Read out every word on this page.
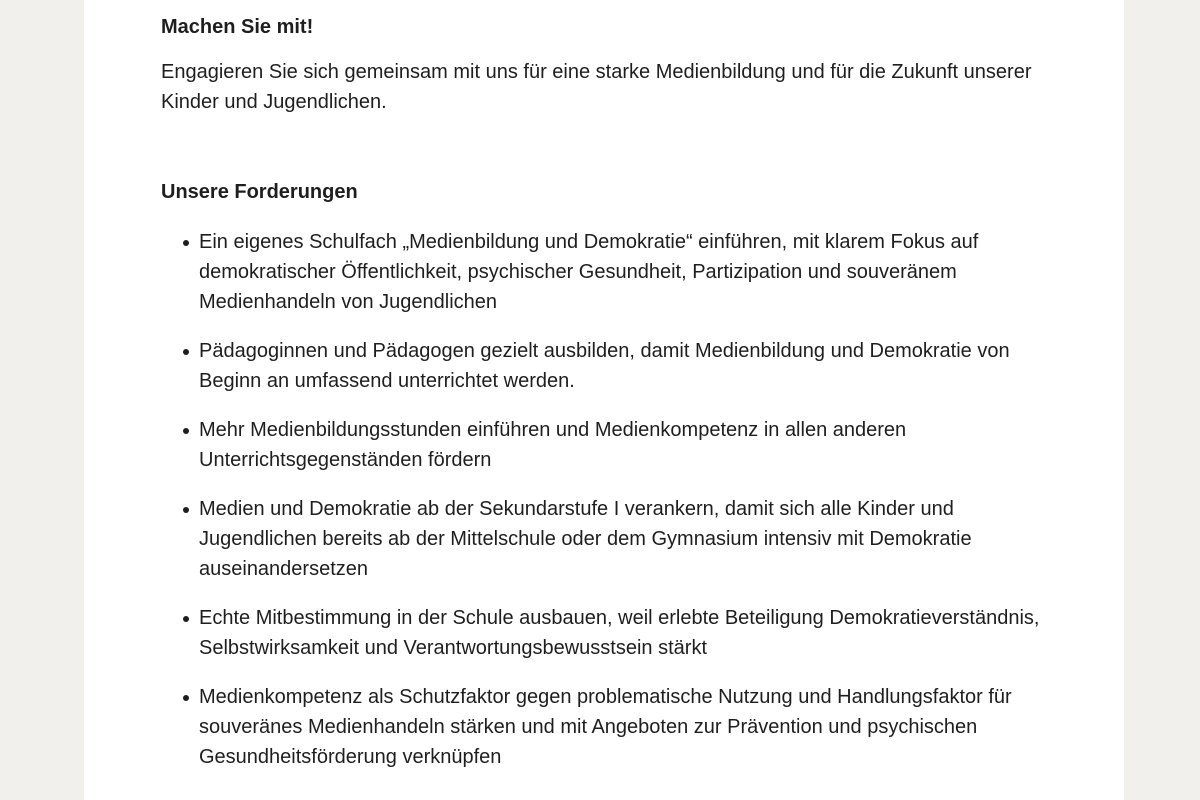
Machen Sie mit!

Engagieren Sie sich gemeinsam mit uns für eine starke Medienbildung und für die Zukunft unserer Kinder und Jugendlichen.

Unsere Forderungen
Ein eigenes Schulfach „Medienbildung und Demokratie“ einführen, mit klarem Fokus auf demokratischer Öffentlichkeit, psychischer Gesundheit, Partizipation und souveränem Medienhandeln von Jugendlichen
Pädagoginnen und Pädagogen gezielt ausbilden, damit Medienbildung und Demokratie von Beginn an umfassend unterrichtet werden.
Mehr Medienbildungsstunden einführen und Medienkompetenz in allen anderen Unterrichtsgegenständen fördern
Medien und Demokratie ab der Sekundarstufe I verankern, damit sich alle Kinder und Jugendlichen bereits ab der Mittelschule oder dem Gymnasium intensiv mit Demokratie auseinandersetzen
Echte Mitbestimmung in der Schule ausbauen, weil erlebte Beteiligung Demokratieverständnis, Selbstwirksamkeit und Verantwortungsbewusstsein stärkt
Medienkompetenz als Schutzfaktor gegen problematische Nutzung und Handlungsfaktor für souveränes Medienhandeln stärken und mit Angeboten zur Prävention und psychischen Gesundheitsförderung verknüpfen
